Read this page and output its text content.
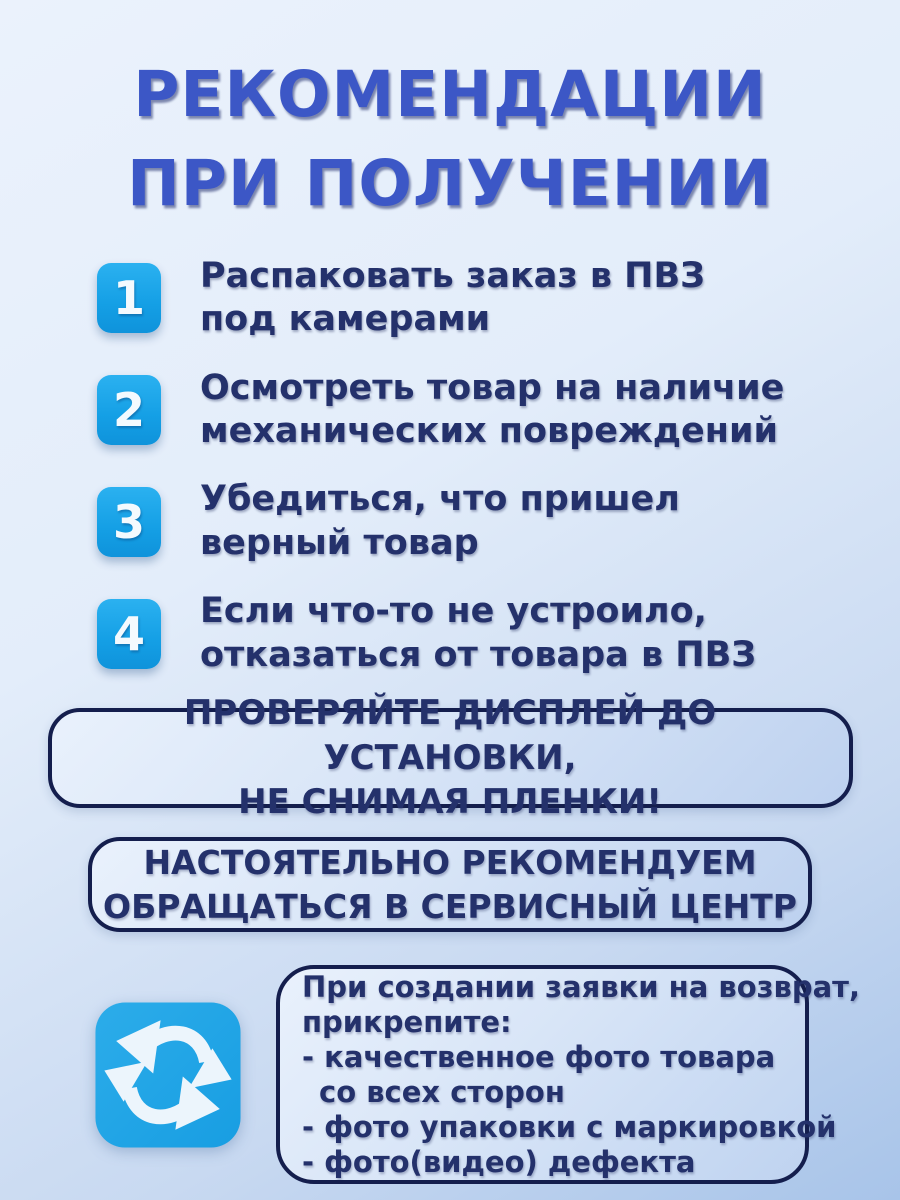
РЕКОМЕНДАЦИИ
ПРИ ПОЛУЧЕНИИ
1	Распаковать заказ в ПВЗ
под камерами
2	Осмотреть товар на наличие
механических повреждений
3	Убедиться, что пришел
верный товар
4	Если что-то не устроило,
отказаться от товара в ПВЗ
ПРОВЕРЯЙТЕ ДИСПЛЕЙ ДО УСТАНОВКИ,
НЕ СНИМАЯ ПЛЕНКИ!
НАСТОЯТЕЛЬНО РЕКОМЕНДУЕМ
ОБРАЩАТЬСЯ В СЕРВИСНЫЙ ЦЕНТР
При создании заявки на возврат,
прикрепите:
- качественное фото товара
со всех сторон
- фото упаковки с маркировкой
- фото(видео) дефекта
